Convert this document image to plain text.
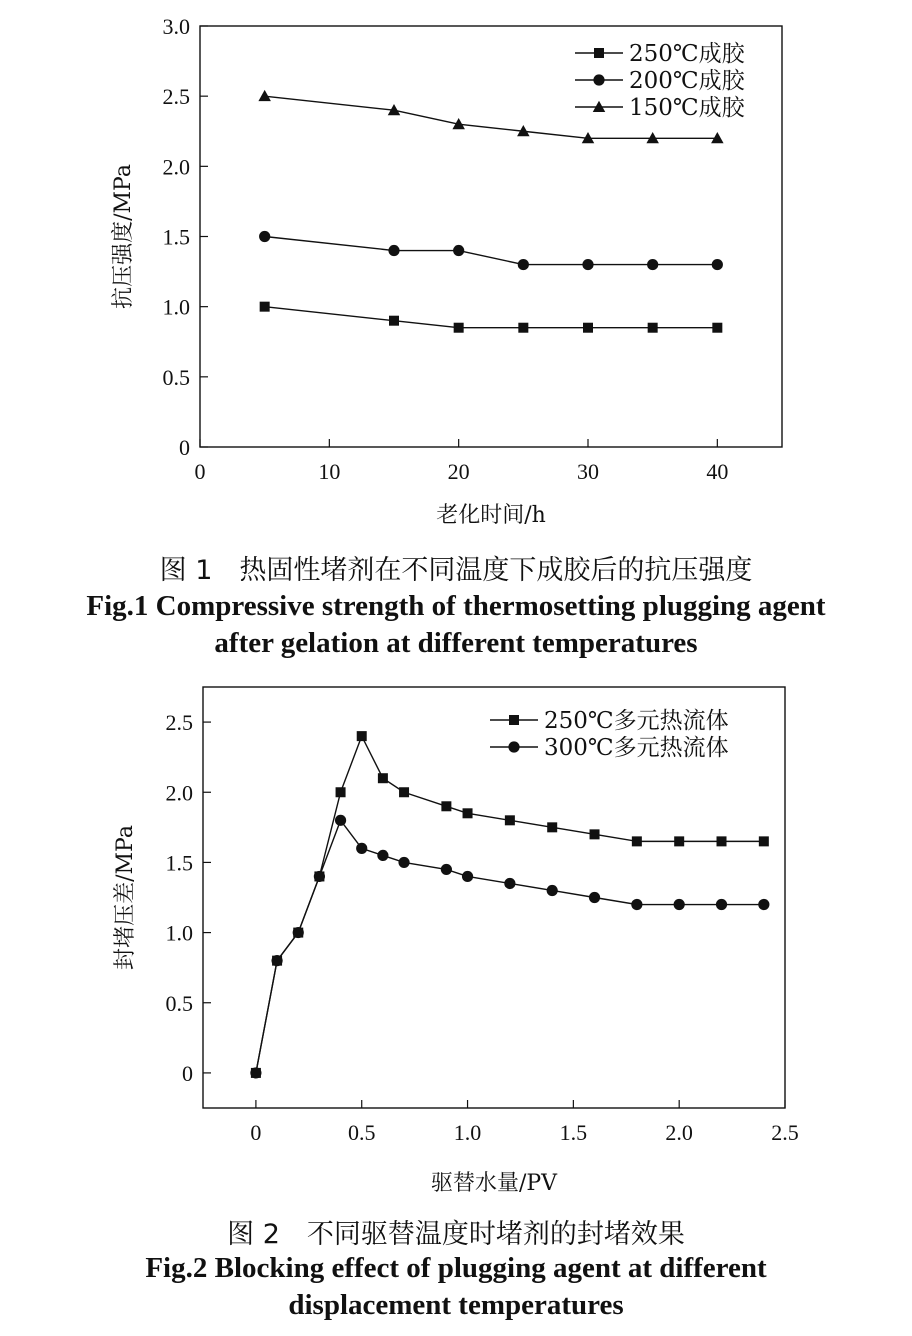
0	10	20	30	40
0
0.5
1.0
1.5
2.0
2.5
3.0
老化时间/h
抗压强度/MPa
250℃成胶
200℃成胶
150℃成胶
图 1　热固性堵剂在不同温度下成胶后的抗压强度
Fig.1 Compressive strength of thermosetting plugging agent
after gelation at different temperatures
0	0.5	1.0	1.5	2.0	2.5
0
0.5
1.0
1.5
2.0
2.5
驱替水量/PV
封堵压差/MPa
250℃多元热流体
300℃多元热流体
图 2　不同驱替温度时堵剂的封堵效果
Fig.2 Blocking effect of plugging agent at different
displacement temperatures
